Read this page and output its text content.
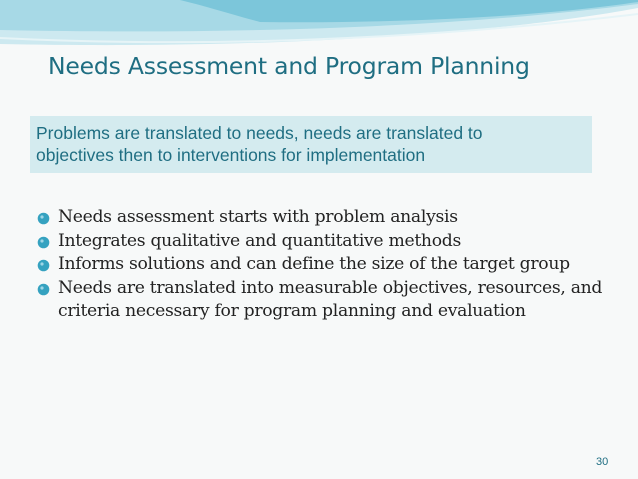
Needs Assessment and Program Planning
Problems are translated to needs, needs are translated to
objectives then to interventions for implementation
Needs assessment starts with problem analysis
Integrates qualitative and quantitative methods
Informs solutions and can define the size of the target group
Needs are translated into measurable objectives, resources, and criteria necessary for program planning and evaluation
30
